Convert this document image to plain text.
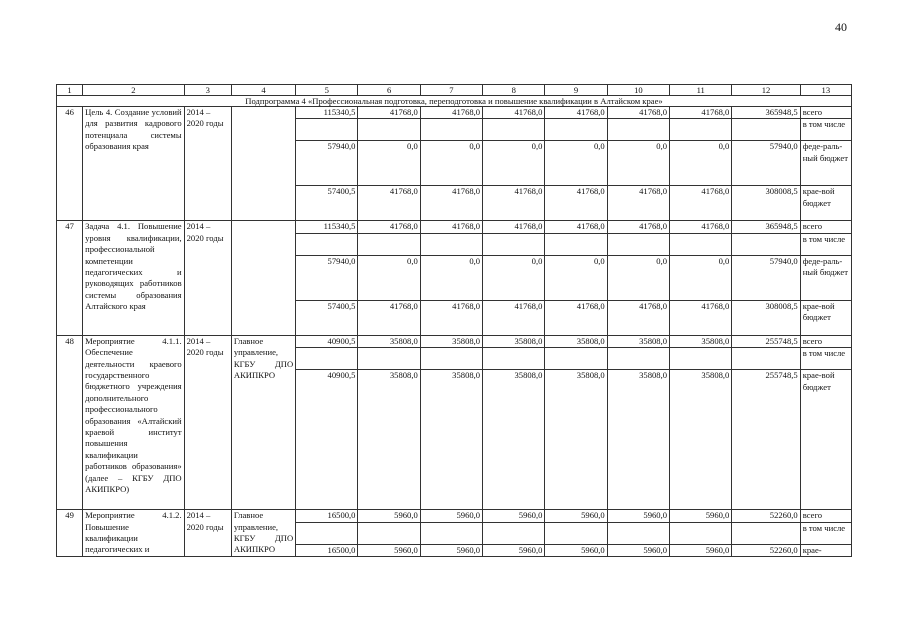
40
1	2	3	4	5	6	7	8	9	10	11	12	13
Подпрограмма 4 «Профессиональная подготовка, переподготовка и повышение квалификации в Алтайском крае»												
46	Цель 4. Создание условий для развития кадрового потенциала системы образования края	2014 – 2020 годы		115340,5	41768,0	41768,0	41768,0	41768,0	41768,0	41768,0	365948,5	всего
												в том числе
				57940,0	0,0	0,0	0,0	0,0	0,0	0,0	57940,0	феде-раль-ный бюджет
				57400,5	41768,0	41768,0	41768,0	41768,0	41768,0	41768,0	308008,5	крае-вой бюджет
47	Задача 4.1. Повышение уровня квалификации, профессиональной компетенции педагогических и руководящих работников системы образования Алтайского края	2014 – 2020 годы		115340,5	41768,0	41768,0	41768,0	41768,0	41768,0	41768,0	365948,5	всего
												в том числе
				57940,0	0,0	0,0	0,0	0,0	0,0	0,0	57940,0	феде-раль-ный бюджет
				57400,5	41768,0	41768,0	41768,0	41768,0	41768,0	41768,0	308008,5	крае-вой бюджет
48	Мероприятие 4.1.1. Обеспечение деятельности краевого государственного бюджетного учреждения дополнительного профессионального образования «Алтайский краевой институт повышения квалификации работников образования» (далее – КГБУ ДПО АКИПКРО)	2014 – 2020 годы	Главное управление, КГБУ ДПО АКИПКРО	40900,5	35808,0	35808,0	35808,0	35808,0	35808,0	35808,0	255748,5	всего
												в том числе
				40900,5	35808,0	35808,0	35808,0	35808,0	35808,0	35808,0	255748,5	крае-вой бюджет
49	Мероприятие 4.1.2. Повышение квалификации педагогических и	2014 – 2020 годы	Главное управление, КГБУ ДПО АКИПКРО	16500,0	5960,0	5960,0	5960,0	5960,0	5960,0	5960,0	52260,0	всего
												в том числе
				16500,0	5960,0	5960,0	5960,0	5960,0	5960,0	5960,0	52260,0	крае-
